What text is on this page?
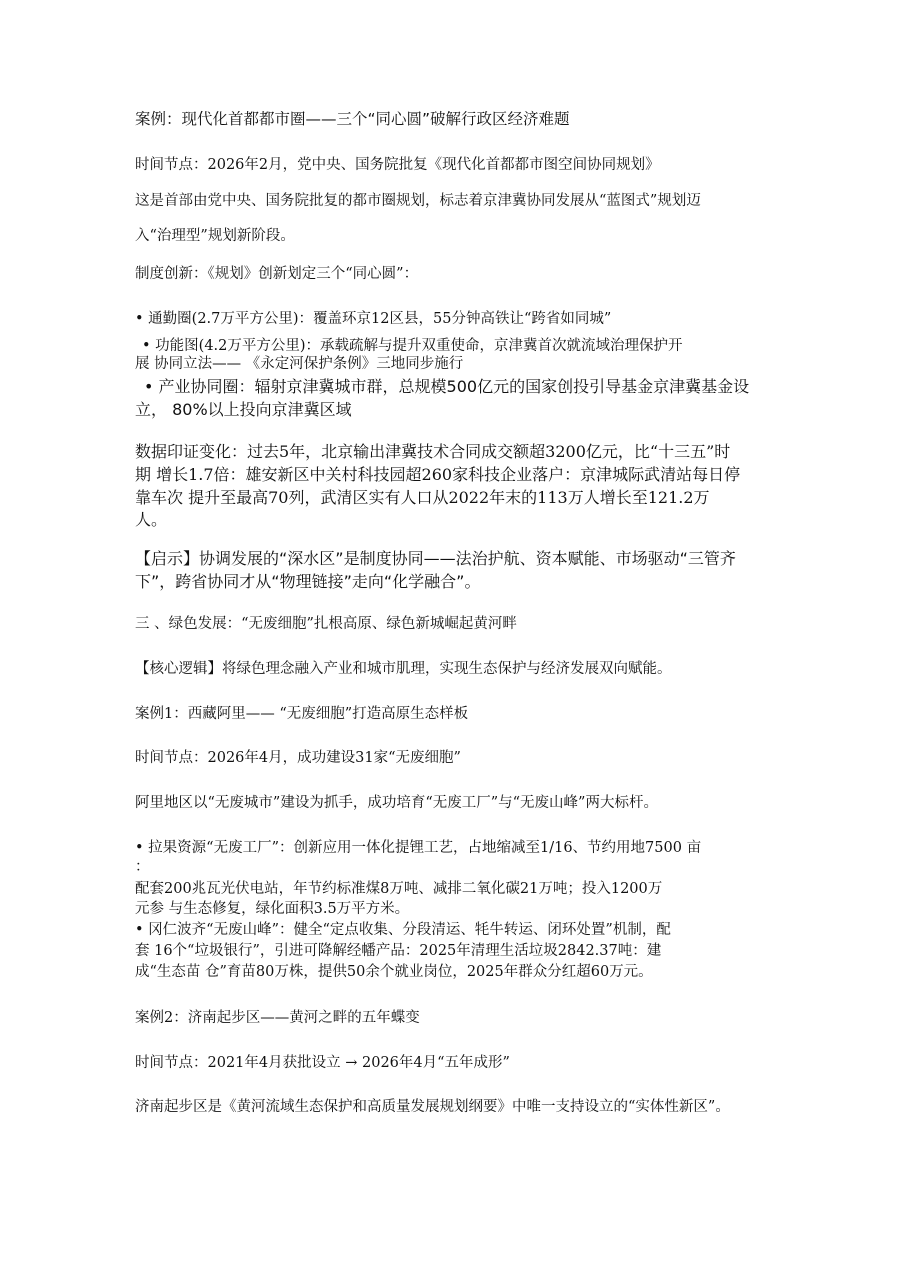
案例：现代化首都都市圈——三个“同心圆”破解行政区经济难题
时间节点：2026年2月，党中央、国务院批复《现代化首都都市图空间协同规划》
这是首部由党中央、国务院批复的都市圈规划，标志着京津冀协同发展从“蓝图式”规划迈
入“治理型”规划新阶段。
制度创新：《规划》创新划定三个“同心圆”：
• 通勤圈(2.7万平方公里)：覆盖环京12区县，55分钟高铁让“跨省如同城”
• 功能图(4.2万平方公里)：承载疏解与提升双重使命，京津冀首次就流域治理保护开
展 协同立法—— 《永定河保护条例》三地同步施行
• 产业协同圈：辐射京津冀城市群，总规模500亿元的国家创投引导基金京津冀基金设
立， 80%以上投向京津冀区域
数据印证变化：过去5年，北京输出津冀技术合同成交额超3200亿元，比“十三五”时
期 增长1.7倍：雄安新区中关村科技园超260家科技企业落户：京津城际武清站每日停
靠车次 提升至最高70列，武清区实有人口从2022年末的113万人增长至121.2万
人。
【启示】协调发展的“深水区”是制度协同——法治护航、资本赋能、市场驱动“三管齐
下”，跨省协同才从“物理链接”走向“化学融合”。
三 、绿色发展：“无废细胞”扎根高原、绿色新城崛起黄河畔
【核心逻辑】将绿色理念融入产业和城市肌理，实现生态保护与经济发展双向赋能。
案例1：西藏阿里—— “无废细胞”打造高原生态样板
时间节点：2026年4月，成功建设31家“无废细胞”
阿里地区以“无废城市”建设为抓手，成功培育“无废工厂”与“无废山峰”两大标杆。
• 拉果资源“无废工厂”：创新应用一体化提锂工艺，占地缩减至1/16、节约用地7500 亩
：
配套200兆瓦光伏电站，年节约标准煤8万吨、减排二氧化碳21万吨；投入1200万
元参 与生态修复，绿化面积3.5万平方米。
• 冈仁波齐“无废山峰”：健全“定点收集、分段清运、牦牛转运、闭环处置”机制，配
套 16个“垃圾银行”，引进可降解经幡产品：2025年清理生活垃圾2842.37吨：建
成“生态苗 仓”育苗80万株，提供50余个就业岗位，2025年群众分红超60万元。
案例2：济南起步区——黄河之畔的五年蝶变
时间节点：2021年4月获批设立 → 2026年4月“五年成形”
济南起步区是《黄河流域生态保护和高质量发展规划纲要》中唯一支持设立的“实体性新区”。
